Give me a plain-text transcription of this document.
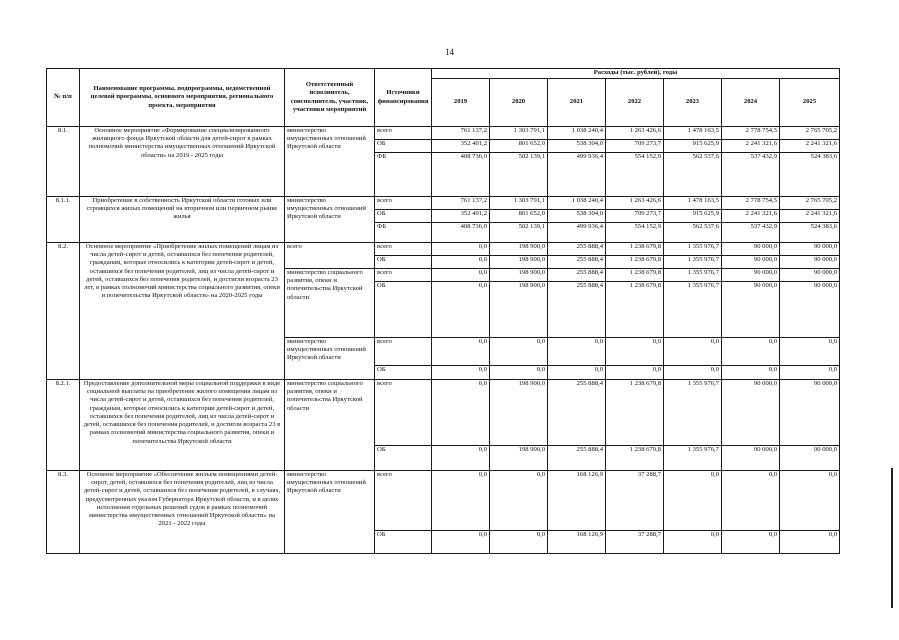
14
№ п/п	Наименование программы, подпрограммы, ведомственной целевой программы, основного мероприятия, регионального проекта, мероприятия	Ответственный исполнитель, соисполнитель, участник, участники мероприятий	Источники финансирования	Расходы (тыс. рублей), годы						
				2019	2020	2021	2022	2023	2024	2025
8.1.	Основное мероприятие «Формирование специализированного жилищного фонда Иркутской области для детей-сирот в рамках полномочий министерства имущественных отношений Иркутской области» на 2019 - 2025 годы	министерство имущественных отношений Иркутской области	всего	761 137,2	1 303 791,1	1 038 240,4	1 263 426,6	1 478 163,5	2 778 754,5	2 765 705,2
			ОБ	352 401,2	801 652,0	538 304,0	709 273,7	915 625,9	2 241 321,6	2 241 321,6
			ФБ	408 736,0	502 139,1	499 936,4	554 152,9	562 537,6	537 432,9	524 383,6
8.1.1.	Приобретение в собственность Иркутской области готовых или строящихся жилых помещений на вторичном или первичном рынке жилья	министерство имущественных отношений Иркутской области	всего	761 137,2	1 303 791,1	1 038 240,4	1 263 426,6	1 478 163,5	2 778 754,5	2 765 705,2
			ОБ	352 401,2	801 652,0	538 304,0	709 273,7	915 625,9	2 241 321,6	2 241 321,6
			ФБ	408 736,0	502 139,1	499 936,4	554 152,9	562 537,6	537 432,9	524 383,6
8.2.	Основное мероприятие «Приобретение жилых помещений лицам из числа детей-сирот и детей, оставшихся без попечения родителей, гражданам, которые относились к категории детей-сирот и детей, оставшихся без попечения родителей, лиц из числа детей-сирот и детей, оставшихся без попечения родителей, и достигли возраста 23 лет, в рамках полномочий министерства социального развития, опеки и попечительства Иркутской области» на 2020-2025 годы	всего	всего	0,0	198 900,0	255 888,4	1 238 679,8	1 355 976,7	90 000,0	90 000,0
			ОБ	0,0	198 900,0	255 888,4	1 238 679,8	1 355 976,7	90 000,0	90 000,0
		министерство социального развития, опеки и попечительства Иркутской области	всего	0,0	198 900,0	255 888,4	1 238 679,8	1 355 976,7	90 000,0	90 000,0
			ОБ	0,0	198 900,0	255 888,4	1 238 679,8	1 355 976,7	90 000,0	90 000,0
		министерство имущественных отношений Иркутской области	всего	0,0	0,0	0,0	0,0	0,0	0,0	0,0
			ОБ	0,0	0,0	0,0	0,0	0,0	0,0	0,0
8.2.1.	Предоставление дополнительной меры социальной поддержки в виде социальной выплаты на приобретение жилого помещения лицам из числа детей-сирот и детей, оставшихся без попечения родителей, гражданам, которые относились к категории детей-сирот и детей, оставшихся без попечения родителей, лиц из числа детей-сирот и детей, оставшихся без попечения родителей, и достигли возраста 23 в рамках полномочий министерства социального развития, опеки и попечительства Иркутской области	министерство социального развития, опеки и попечительства Иркутской области	всего	0,0	198 900,0	255 888,4	1 238 679,8	1 355 976,7	90 000,0	90 000,0
			ОБ	0,0	198 900,0	255 888,4	1 238 679,8	1 355 976,7	90 000,0	90 000,0
8.3.	Основное мероприятие «Обеспечение жильем помещениями детей-сирот, детей, оставшихся без попечения родителей, лиц из числа детей-сирот и детей, оставшихся без попечения родителей, в случаях, предусмотренных указом Губернатора Иркутской области, и в целях исполнения отдельных решений судов в рамках полномочий министерства имущественных отношений Иркутской области» на 2021 - 2022 годы	министерство имущественных отношений Иркутской области	всего	0,0	0,0	168 126,9	37 288,7	0,0	0,0	0,0
			ОБ	0,0	0,0	168 126,9	37 288,7	0,0	0,0	0,0
